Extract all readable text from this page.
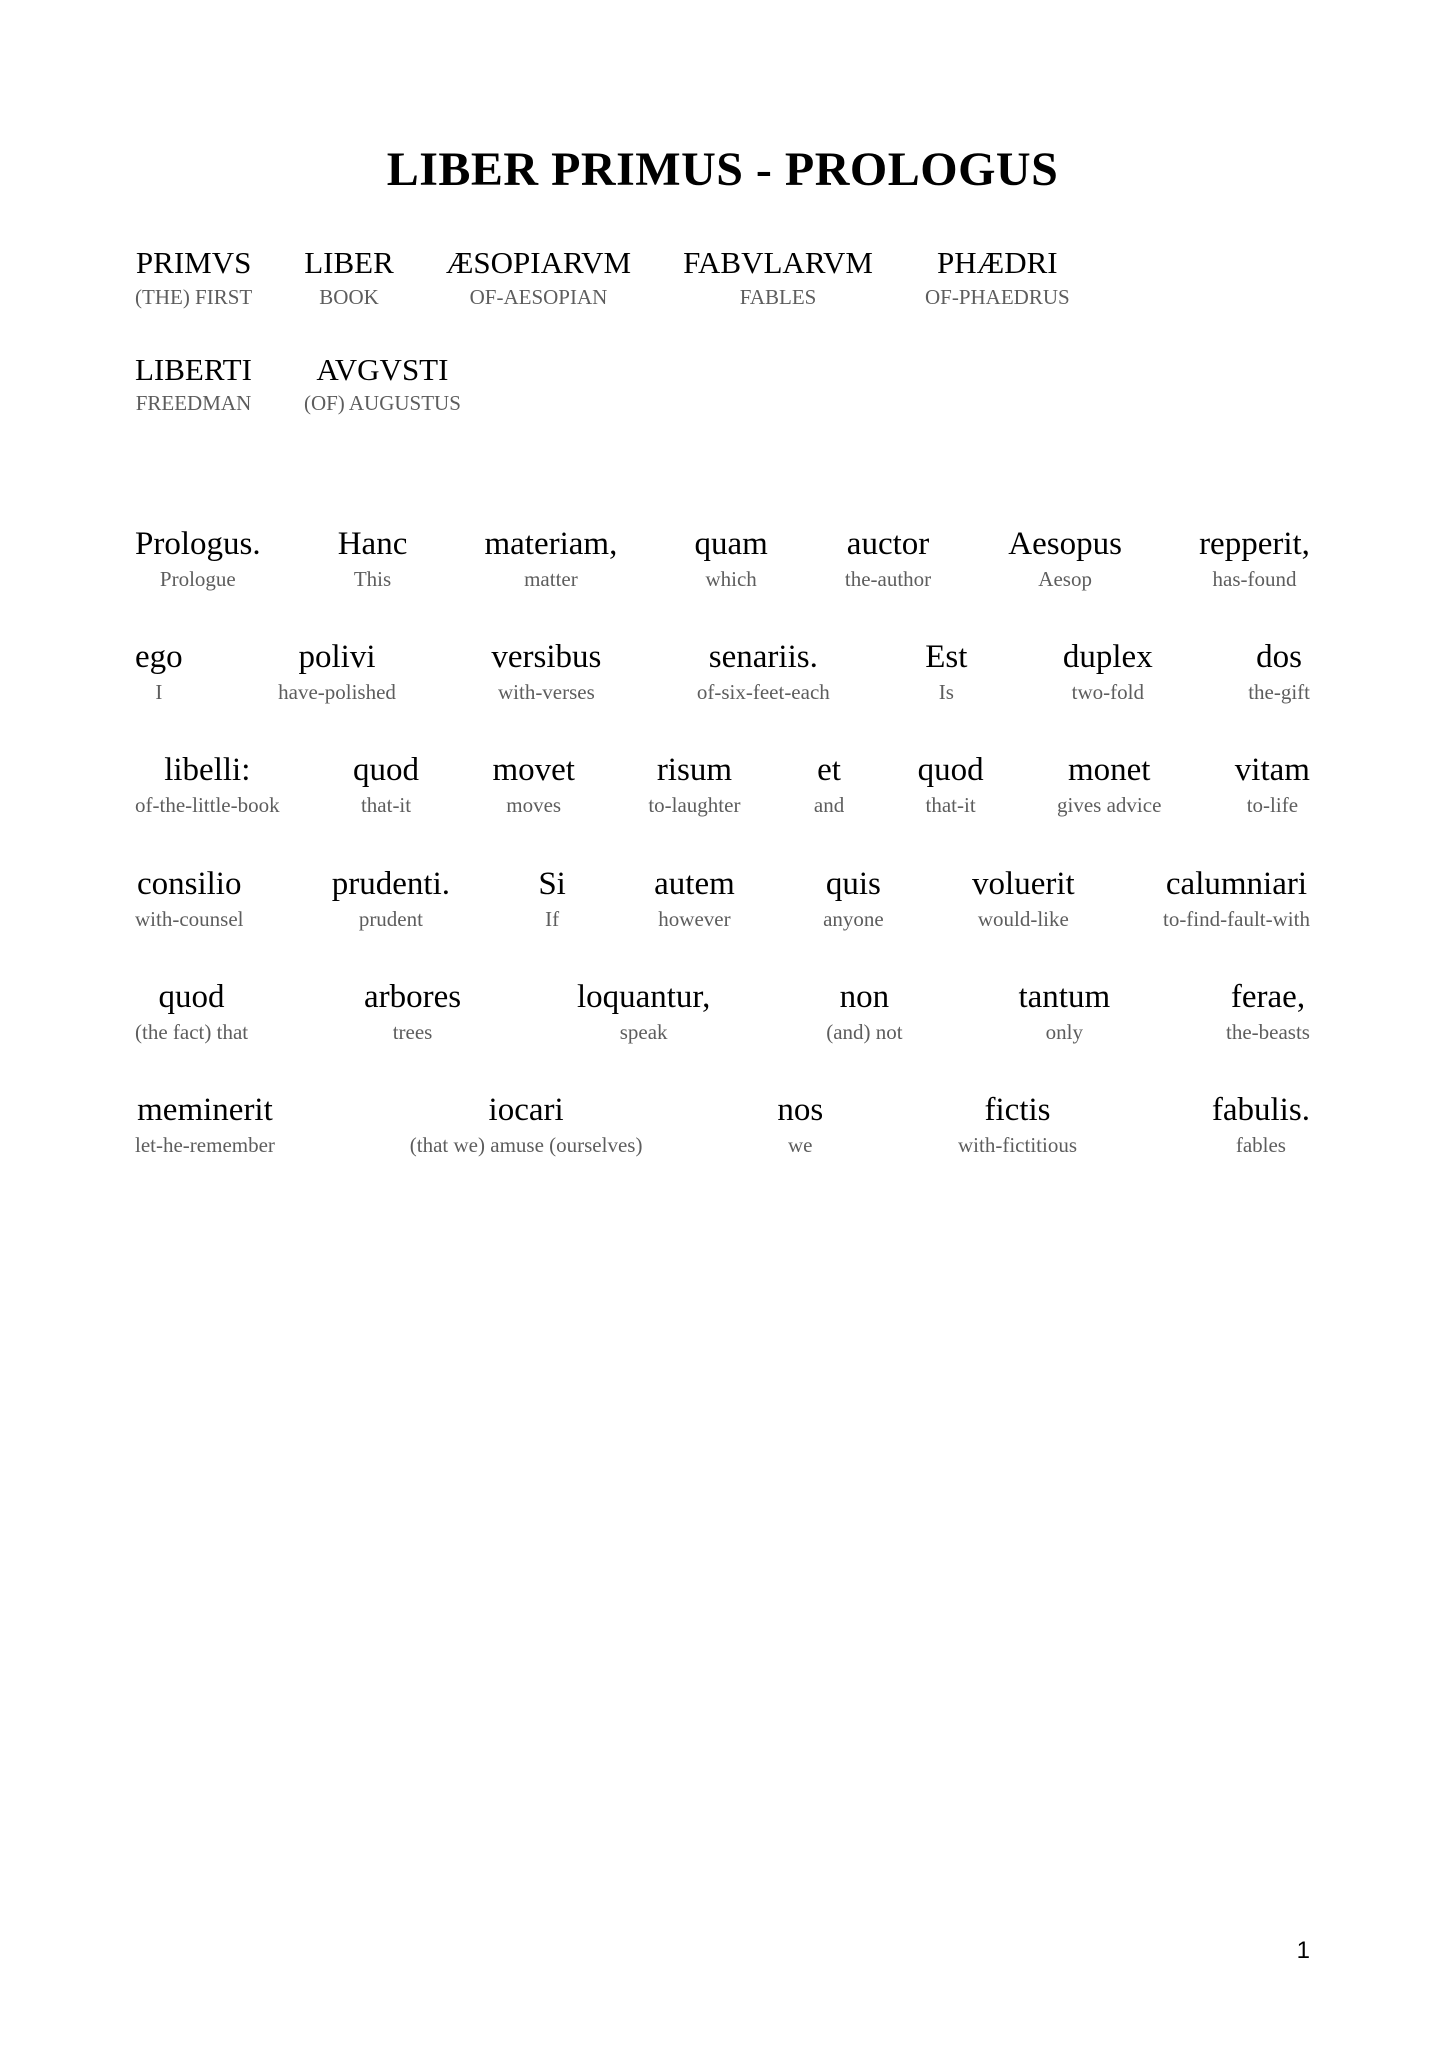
LIBER PRIMUS - PROLOGUS
PRIMVS
(THE) FIRST
LIBER
BOOK
ÆSOPIARVM
OF-AESOPIAN
FABVLARVM
FABLES
PHÆDRI
OF-PHAEDRUS
LIBERTI
FREEDMAN
AVGVSTI
(OF) AUGUSTUS
Prologus.
Prologue
Hanc
This
materiam,
matter
quam
which
auctor
the-author
Aesopus
Aesop
repperit,
has-found
ego
I
polivi
have-polished
versibus
with-verses
senariis.
of-six-feet-each
Est
Is
duplex
two-fold
dos
the-gift
libelli:
of-the-little-book
quod
that-it
movet
moves
risum
to-laughter
et
and
quod
that-it
monet
gives advice
vitam
to-life
consilio
with-counsel
prudenti.
prudent
Si
If
autem
however
quis
anyone
voluerit
would-like
calumniari
to-find-fault-with
quod
(the fact) that
arbores
trees
loquantur,
speak
non
(and) not
tantum
only
ferae,
the-beasts
meminerit
let-he-remember
iocari
(that we) amuse (ourselves)
nos
we
fictis
with-fictitious
fabulis.
fables
1
